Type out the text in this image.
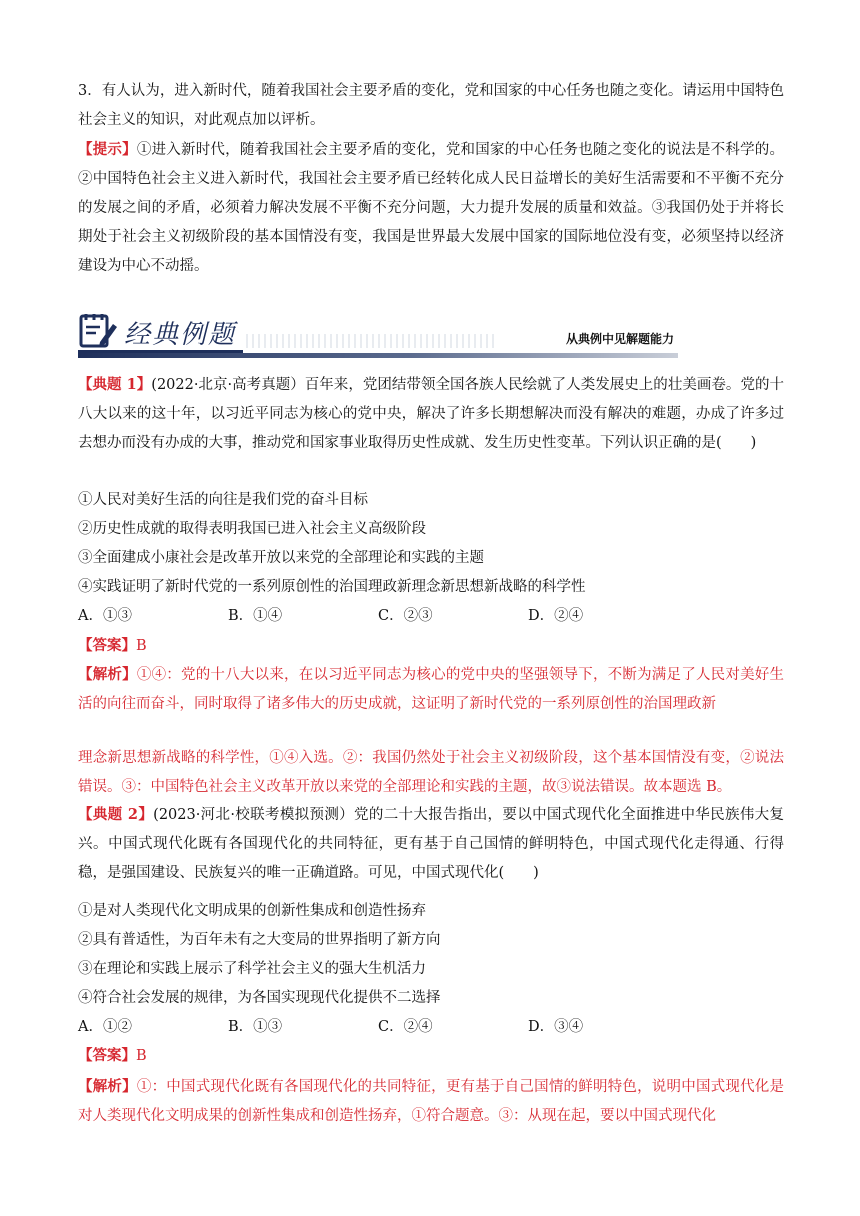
3．有人认为，进入新时代，随着我国社会主要矛盾的变化，党和国家的中心任务也随之变化。请运用中国特色社会主义的知识，对此观点加以评析。

【提示】①进入新时代，随着我国社会主要矛盾的变化，党和国家的中心任务也随之变化的说法是不科学的。②中国特色社会主义进入新时代，我国社会主要矛盾已经转化成人民日益增长的美好生活需要和不平衡不充分的发展之间的矛盾，必须着力解决发展不平衡不充分问题，大力提升发展的质量和效益。③我国仍处于并将长期处于社会主义初级阶段的基本国情没有变，我国是世界最大发展中国家的国际地位没有变，必须坚持以经济建设为中心不动摇。

经典例题	从典例中见解题能力

【典题 1】(2022·北京·高考真题）百年来，党团结带领全国各族人民绘就了人类发展史上的壮美画卷。党的十八大以来的这十年，以习近平同志为核心的党中央，解决了许多长期想解决而没有解决的难题，办成了许多过去想办而没有办成的大事，推动党和国家事业取得历史性成就、发生历史性变革。下列认识正确的是(　　)

①人民对美好生活的向往是我们党的奋斗目标
②历史性成就的取得表明我国已进入社会主义高级阶段
③全面建成小康社会是改革开放以来党的全部理论和实践的主题
④实践证明了新时代党的一系列原创性的治国理政新理念新思想新战略的科学性
A．①③	B．①④	C．②③	D．②④
【答案】B

【解析】①④：党的十八大以来，在以习近平同志为核心的党中央的坚强领导下，不断为满足了人民对美好生活的向往而奋斗，同时取得了诸多伟大的历史成就，这证明了新时代党的一系列原创性的治国理政新

理念新思想新战略的科学性，①④入选。②：我国仍然处于社会主义初级阶段，这个基本国情没有变，②说法错误。③：中国特色社会主义改革开放以来党的全部理论和实践的主题，故③说法错误。故本题选 B。

【典题 2】(2023·河北·校联考模拟预测）党的二十大报告指出，要以中国式现代化全面推进中华民族伟大复兴。中国式现代化既有各国现代化的共同特征，更有基于自己国情的鲜明特色，中国式现代化走得通、行得稳，是强国建设、民族复兴的唯一正确道路。可见，中国式现代化(　　)

①是对人类现代化文明成果的创新性集成和创造性扬弃
②具有普适性，为百年未有之大变局的世界指明了新方向
③在理论和实践上展示了科学社会主义的强大生机活力
④符合社会发展的规律，为各国实现现代化提供不二选择
A．①②	B．①③	C．②④	D．③④
【答案】B

【解析】①：中国式现代化既有各国现代化的共同特征，更有基于自己国情的鲜明特色，说明中国式现代化是对人类现代化文明成果的创新性集成和创造性扬弃，①符合题意。③：从现在起，要以中国式现代化
